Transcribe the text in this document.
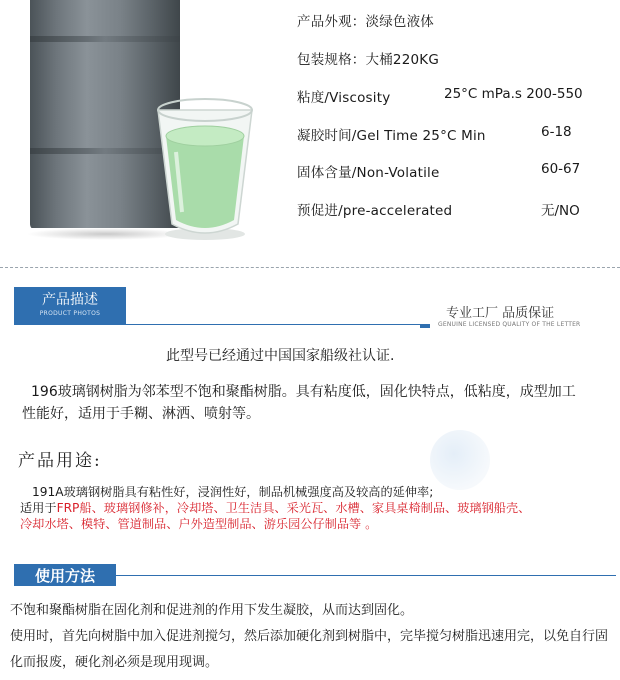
产品外观：淡绿色液体
包装规格：大桶220KG
粘度/Viscosity	25°C mPa.s 200-550
凝胶时间/Gel Time 25°C Min	6-18
固体含量/Non-Volatile	60-67
预促进/pre-accelerated	无/NO
产品描述
PRODUCT PHOTOS	专业工厂 品质保证
GENUINE LICENSED QUALITY OF THE LETTER
此型号已经通过中国国家船级社认证.
196玻璃钢树脂为邻苯型不饱和聚酯树脂。具有粘度低，固化快特点，低粘度，成型加工性能好，适用于手糊、淋洒、喷射等。
产品用途:
191A玻璃钢树脂具有粘性好，浸润性好，制品机械强度高及较高的延伸率;
适用于FRP船、玻璃钢修补，冷却塔、卫生洁具、采光瓦、水槽、家具桌椅制品、玻璃钢船壳、
冷却水塔、模特、管道制品、户外造型制品、游乐园公仔制品等 。
使用方法
不饱和聚酯树脂在固化剂和促进剂的作用下发生凝胶，从而达到固化。
使用时，首先向树脂中加入促进剂搅匀，然后添加硬化剂到树脂中，完毕搅匀树脂迅速用完，以免自行固化而报废，硬化剂必须是现用现调。
